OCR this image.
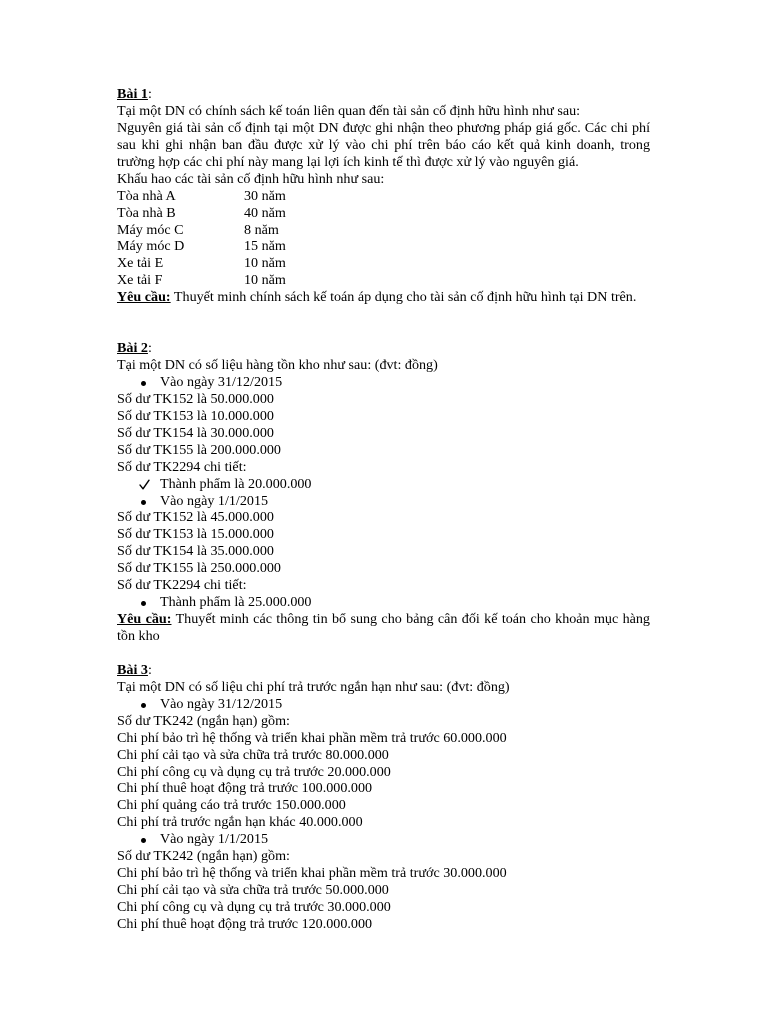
Bài 1:
Tại một DN có chính sách kế toán liên quan đến tài sản cố định hữu hình như sau:
Nguyên giá tài sản cố định tại một DN được ghi nhận theo phương pháp giá gốc. Các chi phí
sau khi ghi nhận ban đầu được xử lý vào chi phí trên báo cáo kết quả kinh doanh, trong
trường hợp các chi phí này mang lại lợi ích kinh tế thì được xử lý vào nguyên giá.
Khấu hao các tài sản cố định hữu hình như sau:
Tòa nhà A	30 năm
Tòa nhà B	40 năm
Máy móc C	8 năm
Máy móc D	15 năm
Xe tải E	10 năm
Xe tải F	10 năm
Yêu cầu: Thuyết minh chính sách kế toán áp dụng cho tài sản cố định hữu hình tại DN trên.
Bài 2:
Tại một DN có số liệu hàng tồn kho như sau: (đvt: đồng)
Vào ngày 31/12/2015
Số dư TK152 là 50.000.000
Số dư TK153 là 10.000.000
Số dư TK154 là 30.000.000
Số dư TK155 là 200.000.000
Số dư TK2294 chi tiết:
Thành phẩm là 20.000.000
Vào ngày 1/1/2015
Số dư TK152 là 45.000.000
Số dư TK153 là 15.000.000
Số dư TK154 là 35.000.000
Số dư TK155 là 250.000.000
Số dư TK2294 chi tiết:
Thành phẩm là 25.000.000
Yêu cầu: Thuyết minh các thông tin bổ sung cho bảng cân đối kế toán cho khoản mục hàng
tồn kho
Bài 3:
Tại một DN có số liệu chi phí trả trước ngắn hạn như sau: (đvt: đồng)
Vào ngày 31/12/2015
Số dư TK242 (ngắn hạn) gồm:
Chi phí bảo trì hệ thống và triển khai phần mềm trả trước 60.000.000
Chi phí cải tạo và sửa chữa trả trước 80.000.000
Chi phí công cụ và dụng cụ trả trước 20.000.000
Chi phí thuê hoạt động trả trước 100.000.000
Chi phí quảng cáo trả trước 150.000.000
Chi phí trả trước ngắn hạn khác 40.000.000
Vào ngày 1/1/2015
Số dư TK242 (ngắn hạn) gồm:
Chi phí bảo trì hệ thống và triển khai phần mềm trả trước 30.000.000
Chi phí cải tạo và sửa chữa trả trước 50.000.000
Chi phí công cụ và dụng cụ trả trước 30.000.000
Chi phí thuê hoạt động trả trước 120.000.000
